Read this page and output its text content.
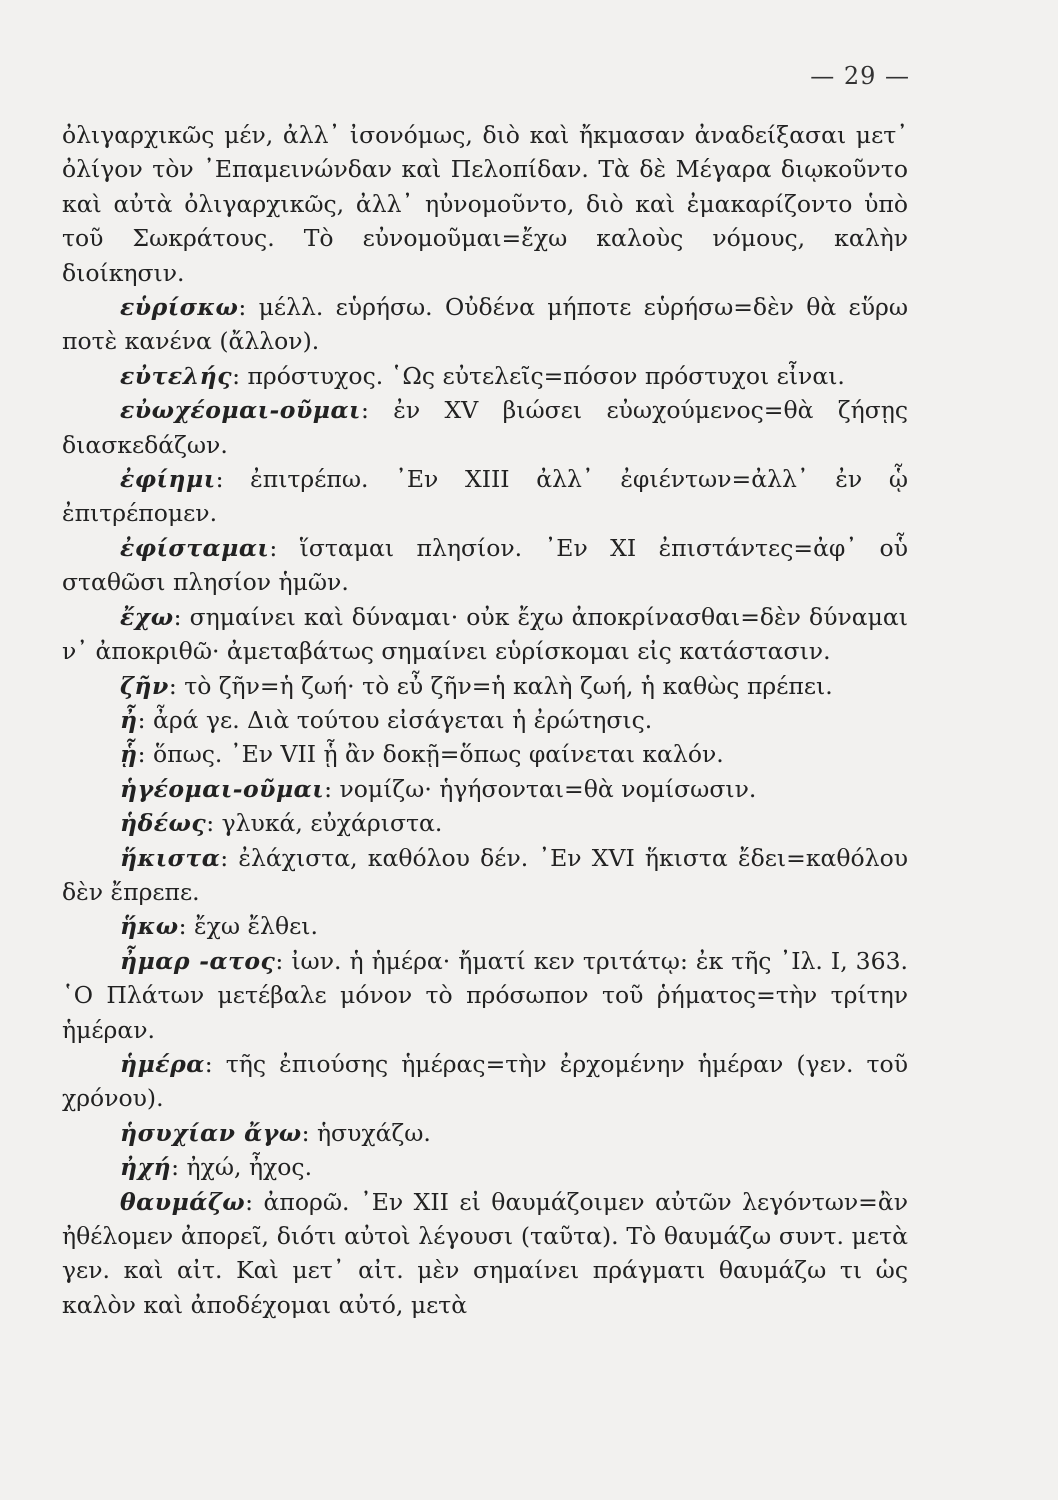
— 29 —

ὀλιγαρχικῶς μέν, ἀλλ᾽ ἰσονόμως, διὸ καὶ ἤκμασαν ἀναδείξασαι μετ᾽ ὀλίγον τὸν ᾿Επαμεινώνδαν καὶ Πελοπίδαν. Τὰ δὲ Μέγαρα διῳκοῦντο καὶ αὐτὰ ὀλιγαρχικῶς, ἀλλ᾽ ηὐνομοῦντο, διὸ καὶ ἐμακαρίζοντο ὑπὸ τοῦ Σωκράτους. Τὸ εὐνομοῦμαι=ἔχω καλοὺς νόμους, καλὴν διοίκησιν.

εὑρίσκω: μέλλ. εὑρήσω. Οὐδένα μήποτε εὑρήσω=δὲν θὰ εὕρω ποτὲ κανένα (ἄλλον).

εὐτελής: πρόστυχος. ῾Ως εὐτελεῖς=πόσον πρόστυχοι εἶναι.

εὐωχέομαι-οῦμαι: ἐν XV βιώσει εὐωχούμενος=θὰ ζήσῃς διασκεδάζων.

ἐφίημι: ἐπιτρέπω. ᾿Εν XIII ἀλλ᾽ ἐφιέντων=ἀλλ᾽ ἐν ᾧ ἐπιτρέπομεν.

ἐφίσταμαι: ἵσταμαι πλησίον. ᾿Εν XI ἐπιστάντες=ἀφ᾽ οὗ σταθῶσι πλησίον ἡμῶν.

ἔχω: σημαίνει καὶ δύναμαι· οὐκ ἔχω ἀποκρίνασθαι=δὲν δύναμαι ν᾽ ἀποκριθῶ· ἀμεταβάτως σημαίνει εὑρίσκομαι εἰς κατάστασιν.

ζῆν: τὸ ζῆν=ἡ ζωή· τὸ εὖ ζῆν=ἡ καλὴ ζωή, ἡ καθὼς πρέπει.

ἦ: ἆρά γε. Διὰ τούτου εἰσάγεται ἡ ἐρώτησις.

ᾗ: ὅπως. ᾿Εν VII ᾗ ἂν δοκῇ=ὅπως φαίνεται καλόν.

ἡγέομαι-οῦμαι: νομίζω· ἡγήσονται=θὰ νομίσωσιν.

ἡδέως: γλυκά, εὐχάριστα.

ἥκιστα: ἐλάχιστα, καθόλου δέν. ᾿Εν XVI ἥκιστα ἔδει=καθόλου δὲν ἔπρεπε.

ἥκω: ἔχω ἔλθει.

ἦμαρ -ατος: ἰων. ἡ ἡμέρα· ἤματί κεν τριτάτῳ: ἐκ τῆς ᾿Ιλ. I, 363. ῾Ο Πλάτων μετέβαλε μόνον τὸ πρόσωπον τοῦ ῥήματος=τὴν τρίτην ἡμέραν.

ἡμέρα: τῆς ἐπιούσης ἡμέρας=τὴν ἐρχομένην ἡμέραν (γεν. τοῦ χρόνου).

ἡσυχίαν ἄγω: ἡσυχάζω.

ἠχή: ἠχώ, ἦχος.

θαυμάζω: ἀπορῶ. ᾿Εν XII εἰ θαυμάζοιμεν αὐτῶν λεγόντων=ἂν ἠθέλομεν ἀπορεῖ, διότι αὐτοὶ λέγουσι (ταῦτα). Τὸ θαυμάζω συντ. μετὰ γεν. καὶ αἰτ. Καὶ μετ᾽ αἰτ. μὲν σημαίνει πράγματι θαυμάζω τι ὡς καλὸν καὶ ἀποδέχομαι αὐτό, μετὰ
